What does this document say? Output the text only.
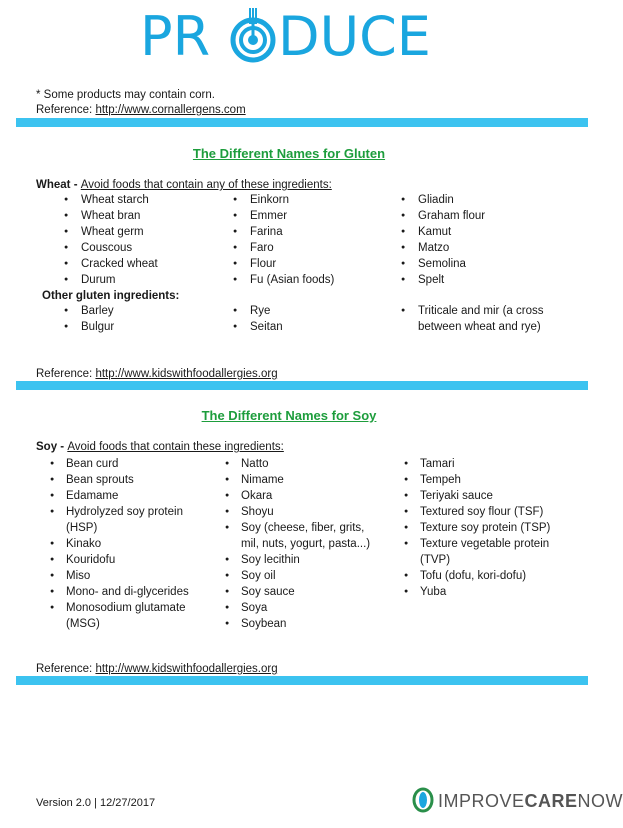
PR DUCE
* Some products may contain corn.
Reference: http://www.cornallergens.com
The Different Names for Gluten
Wheat - Avoid foods that contain any of these ingredients:
● Wheat starch
● Wheat bran
● Wheat germ
● Couscous
● Cracked wheat
● Durum
● Einkorn
● Emmer
● Farina
● Faro
● Flour
● Fu (Asian foods)
● Gliadin
● Graham flour
● Kamut
● Matzo
● Semolina
● Spelt
Other gluten ingredients:
● Barley
● Bulgur
● Rye
● Seitan
● Triticale and mir (a cross between wheat and rye)
Reference: http://www.kidswithfoodallergies.org
The Different Names for Soy
Soy - Avoid foods that contain these ingredients:
● Bean curd
● Bean sprouts
● Edamame
● Hydrolyzed soy protein (HSP)
● Kinako
● Kouridofu
● Miso
● Mono- and di-glycerides
● Monosodium glutamate (MSG)
● Natto
● Nimame
● Okara
● Shoyu
● Soy (cheese, fiber, grits, mil, nuts, yogurt, pasta...)
● Soy lecithin
● Soy oil
● Soy sauce
● Soya
● Soybean
● Tamari
● Tempeh
● Teriyaki sauce
● Textured soy flour (TSF)
● Texture soy protein (TSP)
● Texture vegetable protein (TVP)
● Tofu (dofu, kori-dofu)
● Yuba
Reference: http://www.kidswithfoodallergies.org
Version 2.0 | 12/27/2017	IMPROVECARENOW
